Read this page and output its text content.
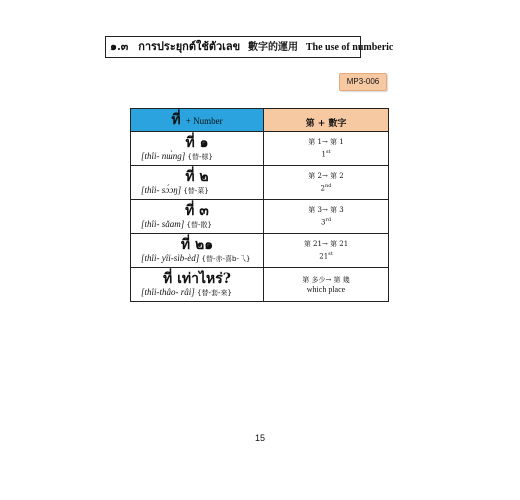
๑.๓ การประยุกต์ใช้ตัวเลข 數字的運用 The use of numberic
MP3-006
ที่ + Number	第 + 數字

ที่ ๑
[thîi- nɯ̀ng] {替-梂}	第 1→ 第 1
1st

ที่ ๒
[thîi- sɔ́ɔŋ] {替-菜}	第 2→ 第 2
2nd

ที่ ๓
[thîi- sǎam] {替-散}	第 3→ 第 3
3rd

ที่ ๒๑
[thîi- yîi-sìb-èd] {替-赤-喜b-乁}	第 21→ 第 21
21st

ที่ เท่าไหร่?
[thîi-thâo- râi] {替-套-來}	第 多少→ 第 幾
which place
15
